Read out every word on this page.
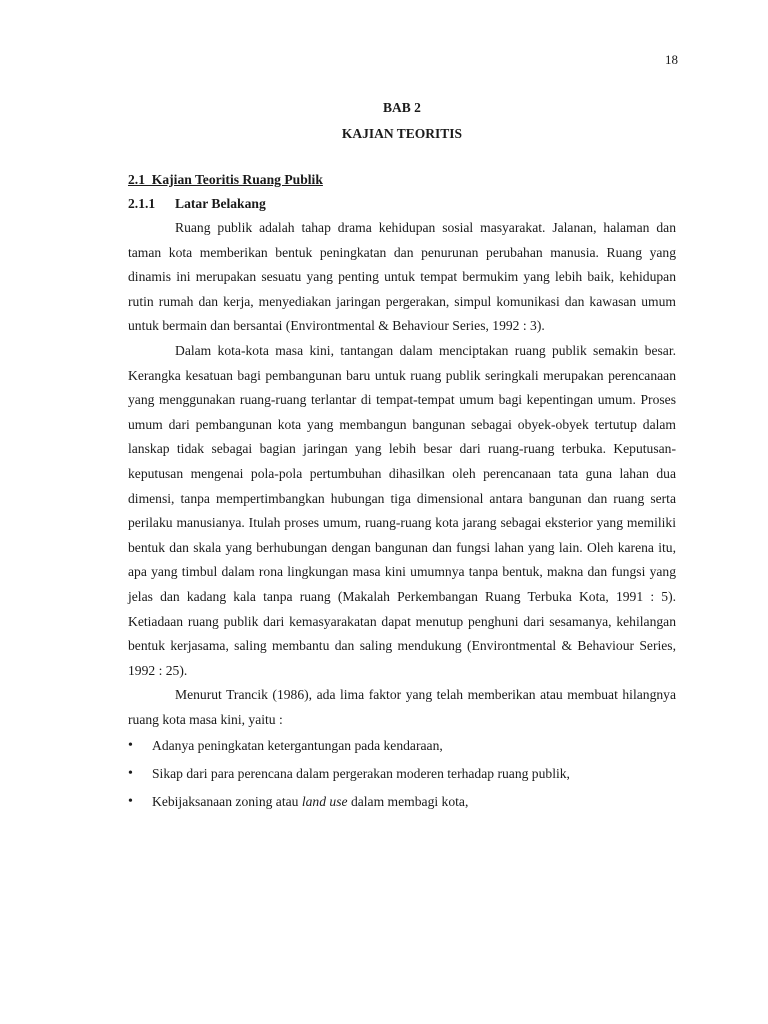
18
BAB 2
KAJIAN TEORITIS
2.1  Kajian Teoritis Ruang Publik
2.1.1	Latar Belakang

Ruang publik adalah tahap drama kehidupan sosial masyarakat. Jalanan, halaman dan taman kota memberikan bentuk peningkatan dan penurunan perubahan manusia. Ruang yang dinamis ini merupakan sesuatu yang penting untuk tempat bermukim yang lebih baik, kehidupan rutin rumah dan kerja, menyediakan jaringan pergerakan, simpul komunikasi dan kawasan umum untuk bermain dan bersantai (Environtmental & Behaviour Series, 1992 : 3).

Dalam kota-kota masa kini, tantangan dalam menciptakan ruang publik semakin besar. Kerangka kesatuan bagi pembangunan baru untuk ruang publik seringkali merupakan perencanaan yang menggunakan ruang-ruang terlantar di tempat-tempat umum bagi kepentingan umum. Proses umum dari pembangunan kota yang membangun bangunan sebagai obyek-obyek tertutup dalam lanskap tidak sebagai bagian jaringan yang lebih besar dari ruang-ruang terbuka. Keputusan-keputusan mengenai pola-pola pertumbuhan dihasilkan oleh perencanaan tata guna lahan dua dimensi, tanpa mempertimbangkan hubungan tiga dimensional antara bangunan dan ruang serta perilaku manusianya. Itulah proses umum, ruang-ruang kota jarang sebagai eksterior yang memiliki bentuk dan skala yang berhubungan dengan bangunan dan fungsi lahan yang lain. Oleh karena itu, apa yang timbul dalam rona lingkungan masa kini umumnya tanpa bentuk, makna dan fungsi yang jelas dan kadang kala tanpa ruang (Makalah Perkembangan Ruang Terbuka Kota, 1991 : 5). Ketiadaan ruang publik dari kemasyarakatan dapat menutup penghuni dari sesamanya, kehilangan bentuk kerjasama, saling membantu dan saling mendukung (Environtmental & Behaviour Series, 1992 : 25).

Menurut Trancik (1986), ada lima faktor yang telah memberikan atau membuat hilangnya ruang kota masa kini, yaitu :

•	Adanya peningkatan ketergantungan pada kendaraan,
•	Sikap dari para perencana dalam pergerakan moderen terhadap ruang publik,
•	Kebijaksanaan zoning atau land use dalam membagi kota,
